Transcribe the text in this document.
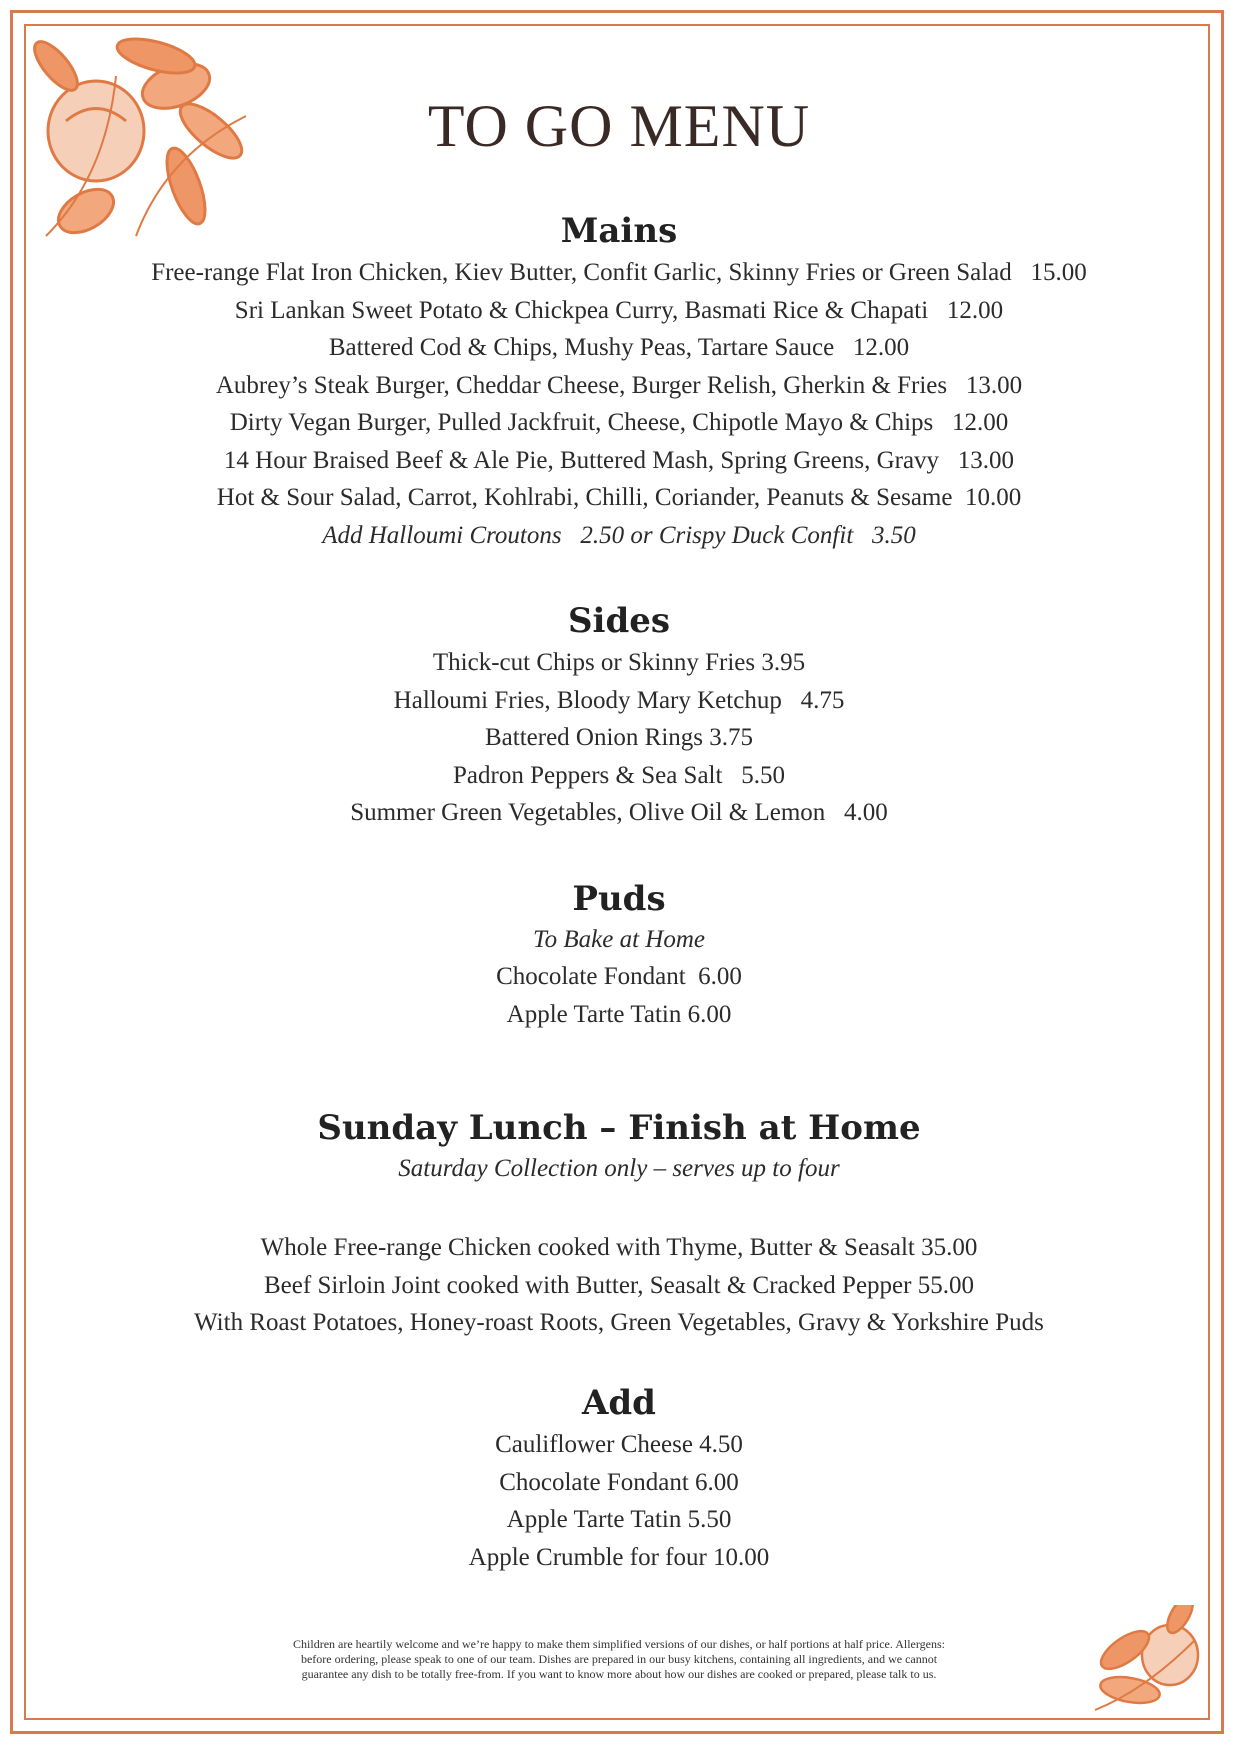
TO GO MENU
Mains

Free-range Flat Iron Chicken, Kiev Butter, Confit Garlic, Skinny Fries or Green Salad   15.00

Sri Lankan Sweet Potato & Chickpea Curry, Basmati Rice & Chapati   12.00

Battered Cod & Chips, Mushy Peas, Tartare Sauce   12.00

Aubrey’s Steak Burger, Cheddar Cheese, Burger Relish, Gherkin & Fries   13.00

Dirty Vegan Burger, Pulled Jackfruit, Cheese, Chipotle Mayo & Chips   12.00

14 Hour Braised Beef & Ale Pie, Buttered Mash, Spring Greens, Gravy   13.00

Hot & Sour Salad, Carrot, Kohlrabi, Chilli, Coriander, Peanuts & Sesame  10.00

Add Halloumi Croutons   2.50 or Crispy Duck Confit   3.50

Sides

Thick-cut Chips or Skinny Fries 3.95

Halloumi Fries, Bloody Mary Ketchup   4.75

Battered Onion Rings 3.75

Padron Peppers & Sea Salt   5.50

Summer Green Vegetables, Olive Oil & Lemon   4.00

Puds

To Bake at Home

Chocolate Fondant  6.00

Apple Tarte Tatin 6.00

Sunday Lunch – Finish at Home

Saturday Collection only – serves up to four

Whole Free-range Chicken cooked with Thyme, Butter & Seasalt 35.00

Beef Sirloin Joint cooked with Butter, Seasalt & Cracked Pepper 55.00

With Roast Potatoes, Honey-roast Roots, Green Vegetables, Gravy & Yorkshire Puds

Add

Cauliflower Cheese 4.50

Chocolate Fondant 6.00

Apple Tarte Tatin 5.50

Apple Crumble for four 10.00

Children are heartily welcome and we’re happy to make them simplified versions of our dishes, or half portions at half price. Allergens:
before ordering, please speak to one of our team. Dishes are prepared in our busy kitchens, containing all ingredients, and we cannot
guarantee any dish to be totally free-from. If you want to know more about how our dishes are cooked or prepared, please talk to us.
